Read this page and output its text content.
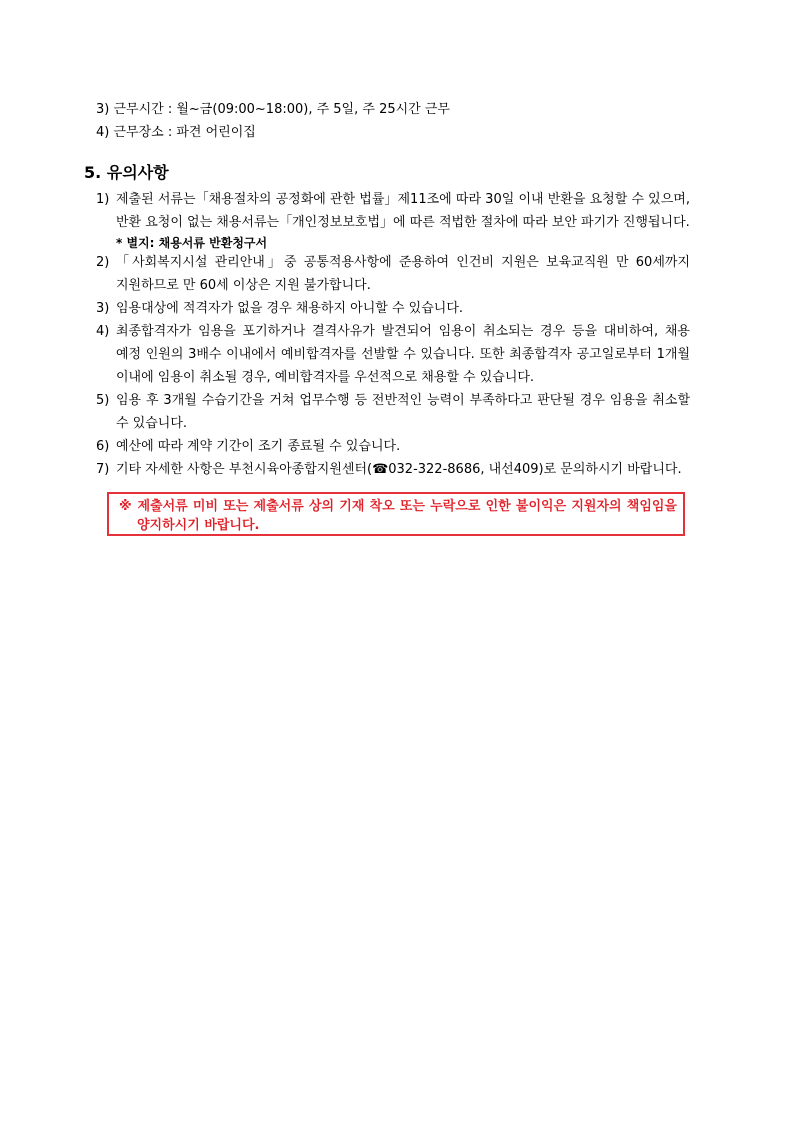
3) 근무시간 : 월~금(09:00~18:00), 주 5일, 주 25시간 근무
4) 근무장소 : 파견 어린이집
5. 유의사항
1) 제출된 서류는「채용절차의 공정화에 관한 법률」제11조에 따라 30일 이내 반환을 요청할 수 있으며, 반환 요청이 없는 채용서류는「개인정보보호법」에 따른 적법한 절차에 따라 보안 파기가 진행됩니다.
* 별지: 채용서류 반환청구서
2) 「사회복지시설 관리안내」중 공통적용사항에 준용하여 인건비 지원은 보육교직원 만 60세까지 지원하므로 만 60세 이상은 지원 불가합니다.
3) 임용대상에 적격자가 없을 경우 채용하지 아니할 수 있습니다.
4) 최종합격자가 임용을 포기하거나 결격사유가 발견되어 임용이 취소되는 경우 등을 대비하여, 채용 예정 인원의 3배수 이내에서 예비합격자를 선발할 수 있습니다. 또한 최종합격자 공고일로부터 1개월 이내에 임용이 취소될 경우, 예비합격자를 우선적으로 채용할 수 있습니다.
5) 임용 후 3개월 수습기간을 거쳐 업무수행 등 전반적인 능력이 부족하다고 판단될 경우 임용을 취소할 수 있습니다.
6) 예산에 따라 계약 기간이 조기 종료될 수 있습니다.
7) 기타 자세한 사항은 부천시육아종합지원센터(☎032-322-8686, 내선409)로 문의하시기 바랍니다.
※ 제출서류 미비 또는 제출서류 상의 기재 착오 또는 누락으로 인한 불이익은 지원자의 책임임을 양지하시기 바랍니다.
